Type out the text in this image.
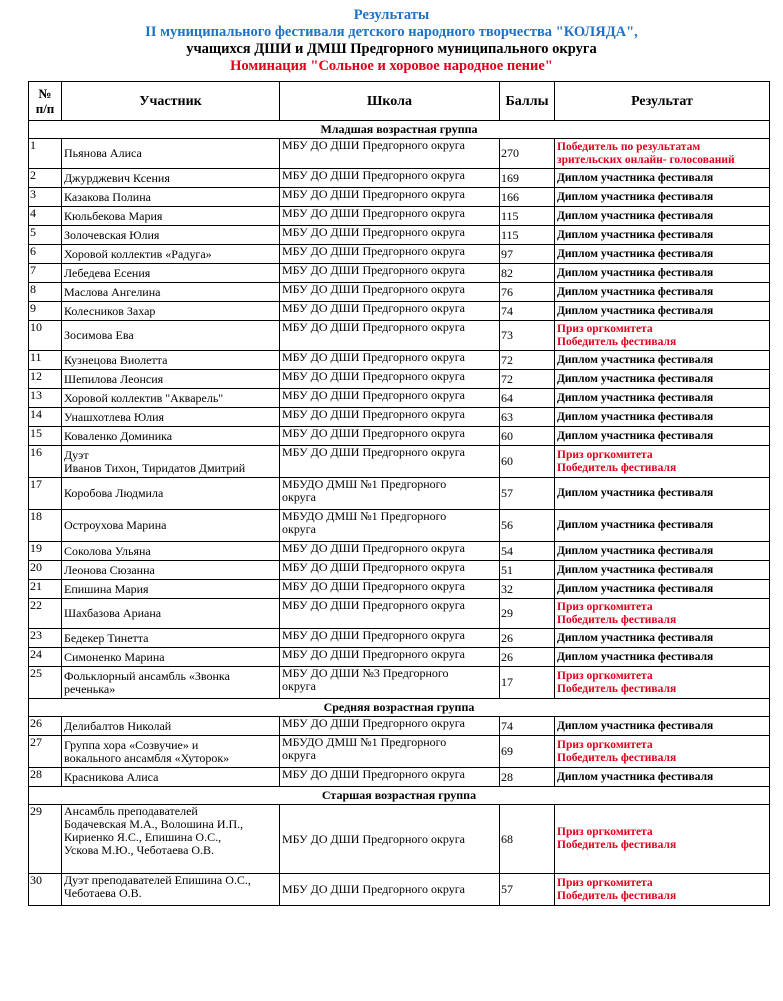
Результаты
II муниципального фестиваля детского народного творчества "КОЛЯДА",
учащихся ДШИ и ДМШ Предгорного муниципального округа
Номинация "Сольное и хоровое народное пение"
№
п/п	Участник	Школа	Баллы	Результат
Младшая возрастная группа				
1	Пьянова Алиса	МБУ ДО ДШИ Предгорного округа	270	Победитель по результатам
зрительских онлайн- голосований

2	Джурджевич Ксения	МБУ ДО ДШИ Предгорного округа	169	Диплом участника фестиваля

3	Казакова Полина	МБУ ДО ДШИ Предгорного округа	166	Диплом участника фестиваля

4	Кюльбекова Мария	МБУ ДО ДШИ Предгорного округа	115	Диплом участника фестиваля

5	Золочевская Юлия	МБУ ДО ДШИ Предгорного округа	115	Диплом участника фестиваля

6	Хоровой коллектив «Радуга»	МБУ ДО ДШИ Предгорного округа	97	Диплом участника фестиваля

7	Лебедева Есения	МБУ ДО ДШИ Предгорного округа	82	Диплом участника фестиваля

8	Маслова Ангелина	МБУ ДО ДШИ Предгорного округа	76	Диплом участника фестиваля

9	Колесников Захар	МБУ ДО ДШИ Предгорного округа	74	Диплом участника фестиваля

10	Зосимова Ева	МБУ ДО ДШИ Предгорного округа	73	Приз оргкомитета
Победитель фестиваля

11	Кузнецова Виолетта	МБУ ДО ДШИ Предгорного округа	72	Диплом участника фестиваля

12	Шепилова Леонсия	МБУ ДО ДШИ Предгорного округа	72	Диплом участника фестиваля

13	Хоровой коллектив "Акварель"	МБУ ДО ДШИ Предгорного округа	64	Диплом участника фестиваля

14	Унашхотлева Юлия	МБУ ДО ДШИ Предгорного округа	63	Диплом участника фестиваля

15	Коваленко Доминика	МБУ ДО ДШИ Предгорного округа	60	Диплом участника фестиваля

16	Дуэт
Иванов Тихон, Тиридатов Дмитрий	МБУ ДО ДШИ Предгорного округа	60	Приз оргкомитета
Победитель фестиваля

17	Коробова Людмила	МБУДО ДМШ №1 Предгорного
округа	57	Диплом участника фестиваля

18	Остроухова Марина	МБУДО ДМШ №1 Предгорного
округа	56	Диплом участника фестиваля

19	Соколова Ульяна	МБУ ДО ДШИ Предгорного округа	54	Диплом участника фестиваля

20	Леонова Сюзанна	МБУ ДО ДШИ Предгорного округа	51	Диплом участника фестиваля

21	Епишина Мария	МБУ ДО ДШИ Предгорного округа	32	Диплом участника фестиваля

22	Шахбазова Ариана	МБУ ДО ДШИ Предгорного округа	29	Приз оргкомитета
Победитель фестиваля

23	Бедекер Тинетта	МБУ ДО ДШИ Предгорного округа	26	Диплом участника фестиваля

24	Симоненко Марина	МБУ ДО ДШИ Предгорного округа	26	Диплом участника фестиваля

25	Фольклорный ансамбль «Звонка
реченька»	МБУ ДО ДШИ №3 Предгорного
округа	17	Приз оргкомитета
Победитель фестиваля

Средняя возрастная группа				
26	Делибалтов Николай	МБУ ДО ДШИ Предгорного округа	74	Диплом участника фестиваля

27	Группа хора «Созвучие» и
вокального ансамбля «Хуторок»	МБУДО ДМШ №1 Предгорного
округа	69	Приз оргкомитета
Победитель фестиваля

28	Красникова Алиса	МБУ ДО ДШИ Предгорного округа	28	Диплом участника фестиваля

Старшая возрастная группа				
29	Ансамбль преподавателей
Бодачевская М.А., Волошина И.П.,
Кириенко Я.С., Епишина О.С.,
Ускова М.Ю., Чеботаева О.В.	МБУ ДО ДШИ Предгорного округа	68	Приз оргкомитета
Победитель фестиваля

30	Дуэт преподавателей Епишина О.С.,
Чеботаева О.В.	МБУ ДО ДШИ Предгорного округа	57	Приз оргкомитета
Победитель фестиваля
